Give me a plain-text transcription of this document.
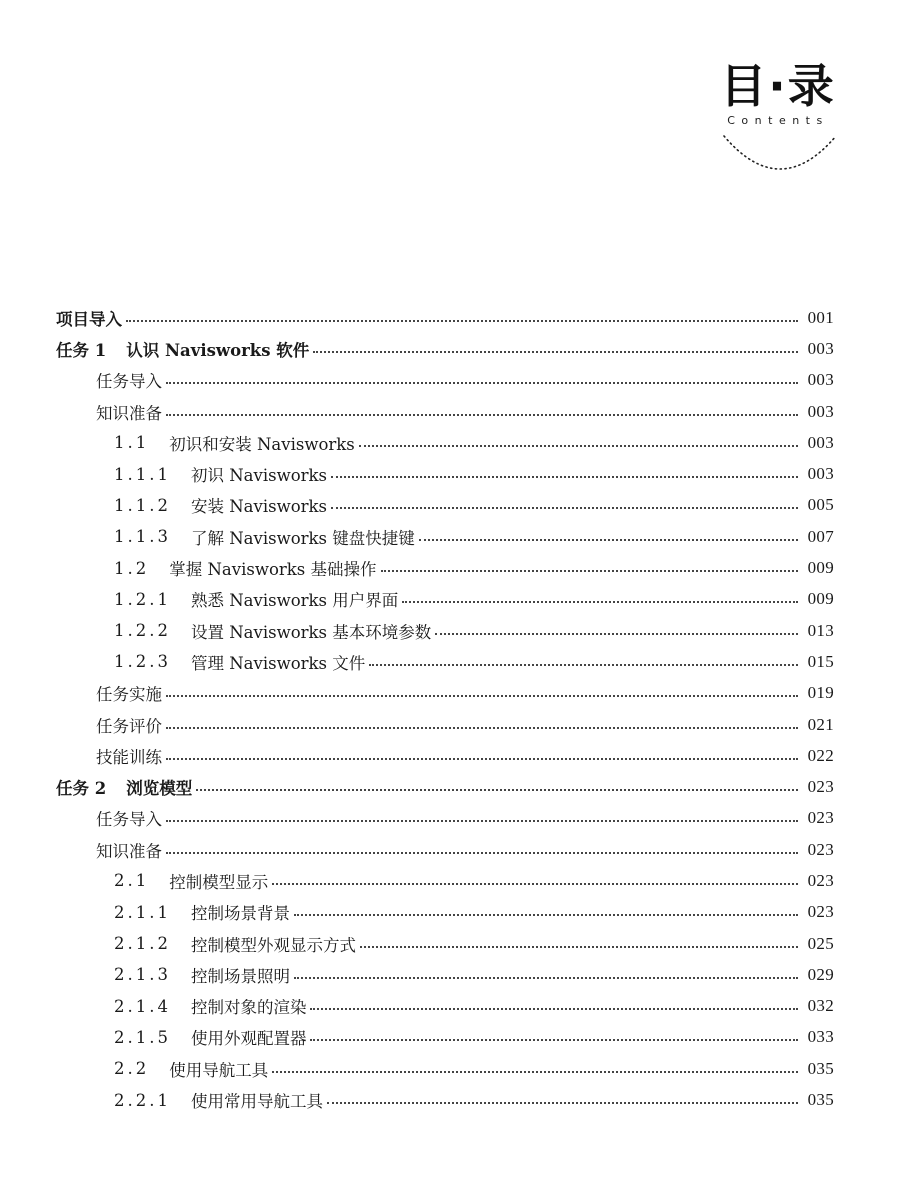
目·录
Contents
项目导入	001
任务 1 认识 Navisworks 软件	003
任务导入	003
知识准备	003
1.1 初识和安装 Navisworks	003
1.1.1 初识 Navisworks	003
1.1.2 安装 Navisworks	005
1.1.3 了解 Navisworks 键盘快捷键	007
1.2 掌握 Navisworks 基础操作	009
1.2.1 熟悉 Navisworks 用户界面	009
1.2.2 设置 Navisworks 基本环境参数	013
1.2.3 管理 Navisworks 文件	015
任务实施	019
任务评价	021
技能训练	022
任务 2 浏览模型	023
任务导入	023
知识准备	023
2.1 控制模型显示	023
2.1.1 控制场景背景	023
2.1.2 控制模型外观显示方式	025
2.1.3 控制场景照明	029
2.1.4 控制对象的渲染	032
2.1.5 使用外观配置器	033
2.2 使用导航工具	035
2.2.1 使用常用导航工具	035
